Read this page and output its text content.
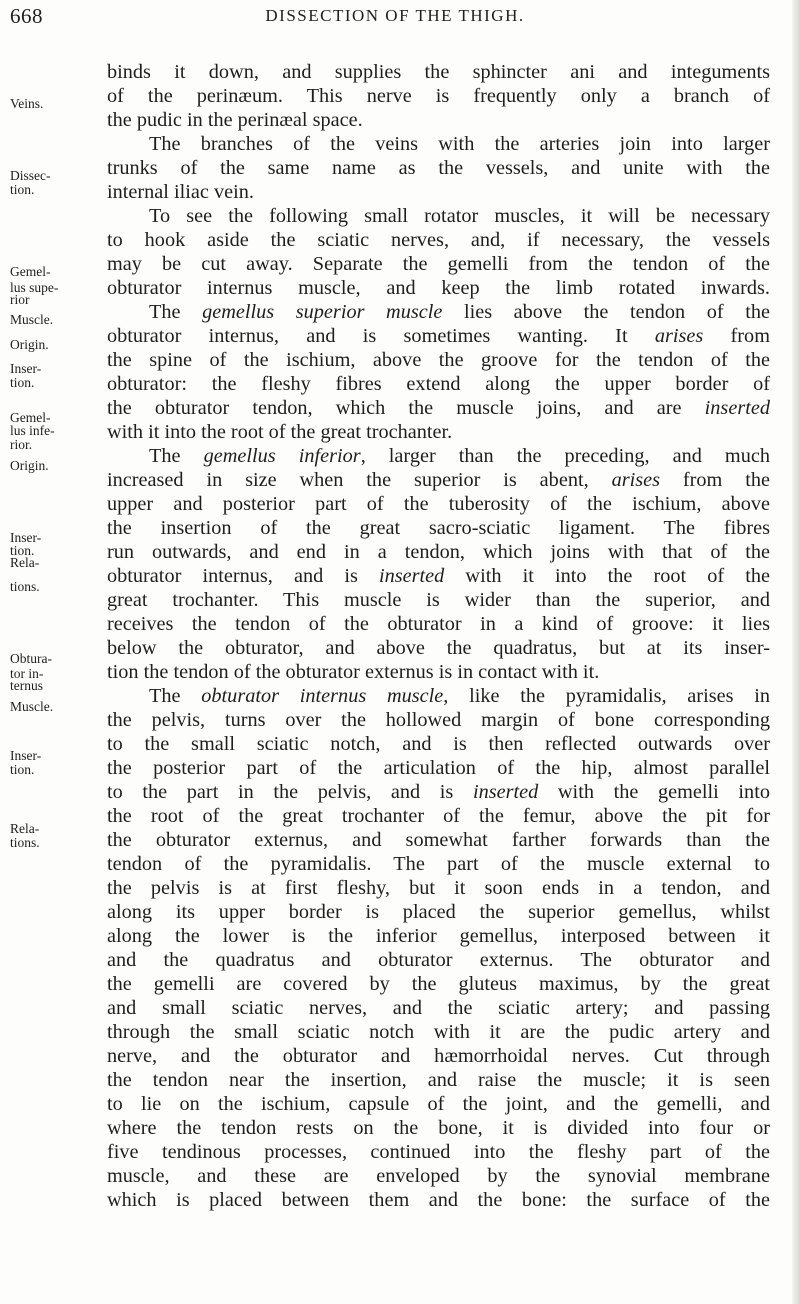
668	DISSECTION OF THE THIGH.
Veins.
Dissec-
tion.
Gemel-
lus supe-
rior
Muscle.
Origin.
Inser-
tion.
Gemel-
lus infe-
rior.
Origin.
Inser-
tion.
Rela-
tions.
Obtura-
tor in-
ternus
Muscle.
Inser-
tion.
Rela-
tions.
binds it down, and supplies the sphincter ani and integuments
of the perinæum. This nerve is frequently only a branch of
the pudic in the perinæal space.
The branches of the veins with the arteries join into larger
trunks of the same name as the vessels, and unite with the
internal iliac vein.
To see the following small rotator muscles, it will be necessary
to hook aside the sciatic nerves, and, if necessary, the vessels
may be cut away. Separate the gemelli from the tendon of the
obturator internus muscle, and keep the limb rotated inwards.
The gemellus superior muscle lies above the tendon of the
obturator internus, and is sometimes wanting. It arises from
the spine of the ischium, above the groove for the tendon of the
obturator: the fleshy fibres extend along the upper border of
the obturator tendon, which the muscle joins, and are inserted
with it into the root of the great trochanter.
The gemellus inferior, larger than the preceding, and much
increased in size when the superior is abent, arises from the
upper and posterior part of the tuberosity of the ischium, above
the insertion of the great sacro-sciatic ligament. The fibres
run outwards, and end in a tendon, which joins with that of the
obturator internus, and is inserted with it into the root of the
great trochanter. This muscle is wider than the superior, and
receives the tendon of the obturator in a kind of groove: it lies
below the obturator, and above the quadratus, but at its inser-
tion the tendon of the obturator externus is in contact with it.
The obturator internus muscle, like the pyramidalis, arises in
the pelvis, turns over the hollowed margin of bone corresponding
to the small sciatic notch, and is then reflected outwards over
the posterior part of the articulation of the hip, almost parallel
to the part in the pelvis, and is inserted with the gemelli into
the root of the great trochanter of the femur, above the pit for
the obturator externus, and somewhat farther forwards than the
tendon of the pyramidalis. The part of the muscle external to
the pelvis is at first fleshy, but it soon ends in a tendon, and
along its upper border is placed the superior gemellus, whilst
along the lower is the inferior gemellus, interposed between it
and the quadratus and obturator externus. The obturator and
the gemelli are covered by the gluteus maximus, by the great
and small sciatic nerves, and the sciatic artery; and passing
through the small sciatic notch with it are the pudic artery and
nerve, and the obturator and hæmorrhoidal nerves. Cut through
the tendon near the insertion, and raise the muscle; it is seen
to lie on the ischium, capsule of the joint, and the gemelli, and
where the tendon rests on the bone, it is divided into four or
five tendinous processes, continued into the fleshy part of the
muscle, and these are enveloped by the synovial membrane
which is placed between them and the bone: the surface of the
